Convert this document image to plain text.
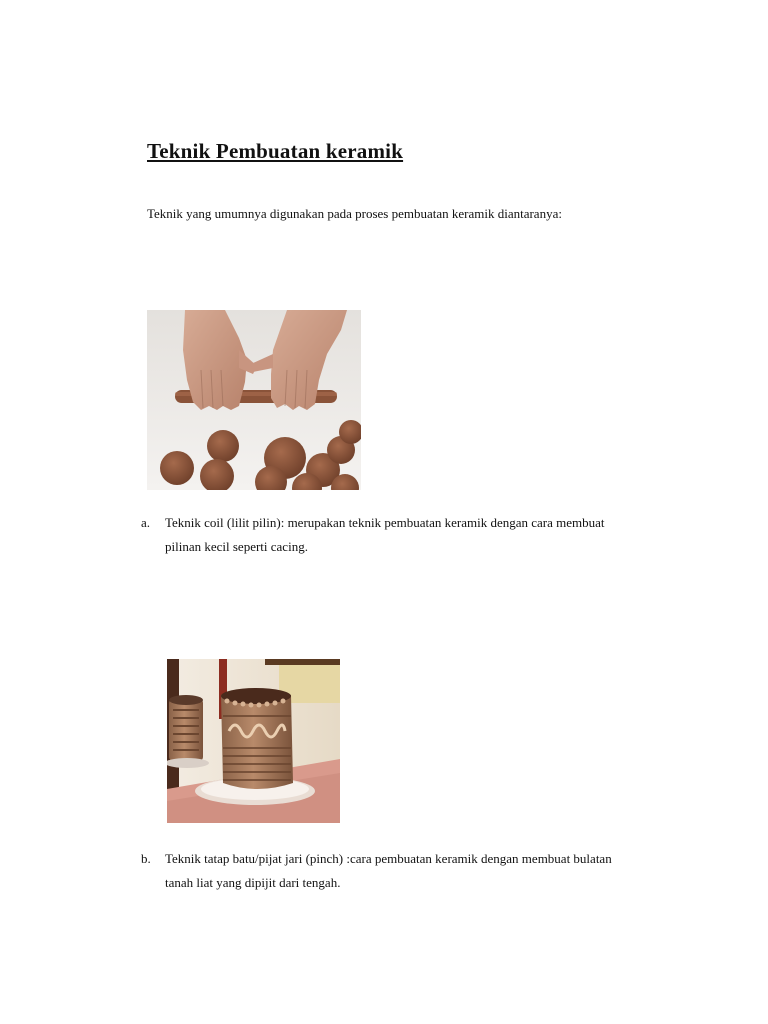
Teknik Pembuatan keramik

Teknik yang umumnya digunakan pada proses pembuatan keramik diantaranya:

a. Teknik coil (lilit pilin): merupakan teknik pembuatan keramik dengan cara membuat
pilinan kecil seperti cacing.
b. Teknik tatap batu/pijat jari (pinch) :cara pembuatan keramik dengan membuat bulatan
tanah liat yang dipijit dari tengah.
